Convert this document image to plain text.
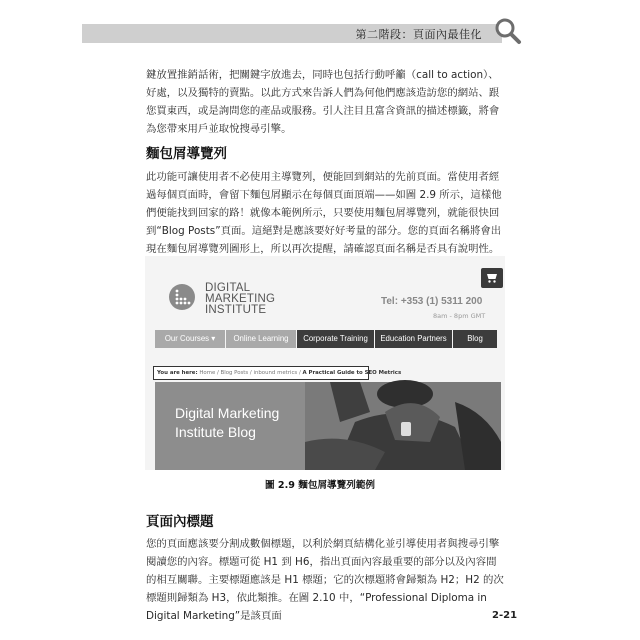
第二階段：頁面內最佳化

鍵放置推銷話術，把關鍵字放進去，同時也包括行動呼籲（call to action）、好處，以及獨特的賣點。以此方式來告訴人們為何他們應該造訪您的網站、跟您買東西，或是詢問您的產品或服務。引人注目且富含資訊的描述標籤，將會為您帶來用戶並取悅搜尋引擎。

麵包屑導覽列

此功能可讓使用者不必使用主導覽列，便能回到網站的先前頁面。當使用者經過每個頁面時，會留下麵包屑顯示在每個頁面頂端——如圖 2.9 所示，這樣他們便能找到回家的路！就像本範例所示，只要使用麵包屑導覽列，就能很快回到“Blog Posts”頁面。這絕對是應該要好好考量的部分。您的頁面名稱將會出現在麵包屑導覽列圖形上，所以再次提醒，請確認頁面名稱是否具有說明性。

DIGITAL
MARKETING
INSTITUTE
Tel: +353 (1) 5311 200
8am - 8pm GMT
Our Courses ▾	Online Learning	Corporate Training	Education Partners	Blog
You are here: Home / Blog Posts / inbound metrics / A Practical Guide to SEO Metrics
Digital Marketing
Institute Blog
圖 2.9 麵包屑導覽列範例
頁面內標題

您的頁面應該要分割成數個標題，以利於網頁結構化並引導使用者與搜尋引擎閱讀您的內容。標題可從 H1 到 H6，指出頁面內容最重要的部分以及內容間的相互關聯。主要標題應該是 H1 標題；它的次標題將會歸類為 H2；H2 的次標題則歸類為 H3，依此類推。在圖 2.10 中，“Professional Diploma in Digital Marketing”是該頁面	2-21
